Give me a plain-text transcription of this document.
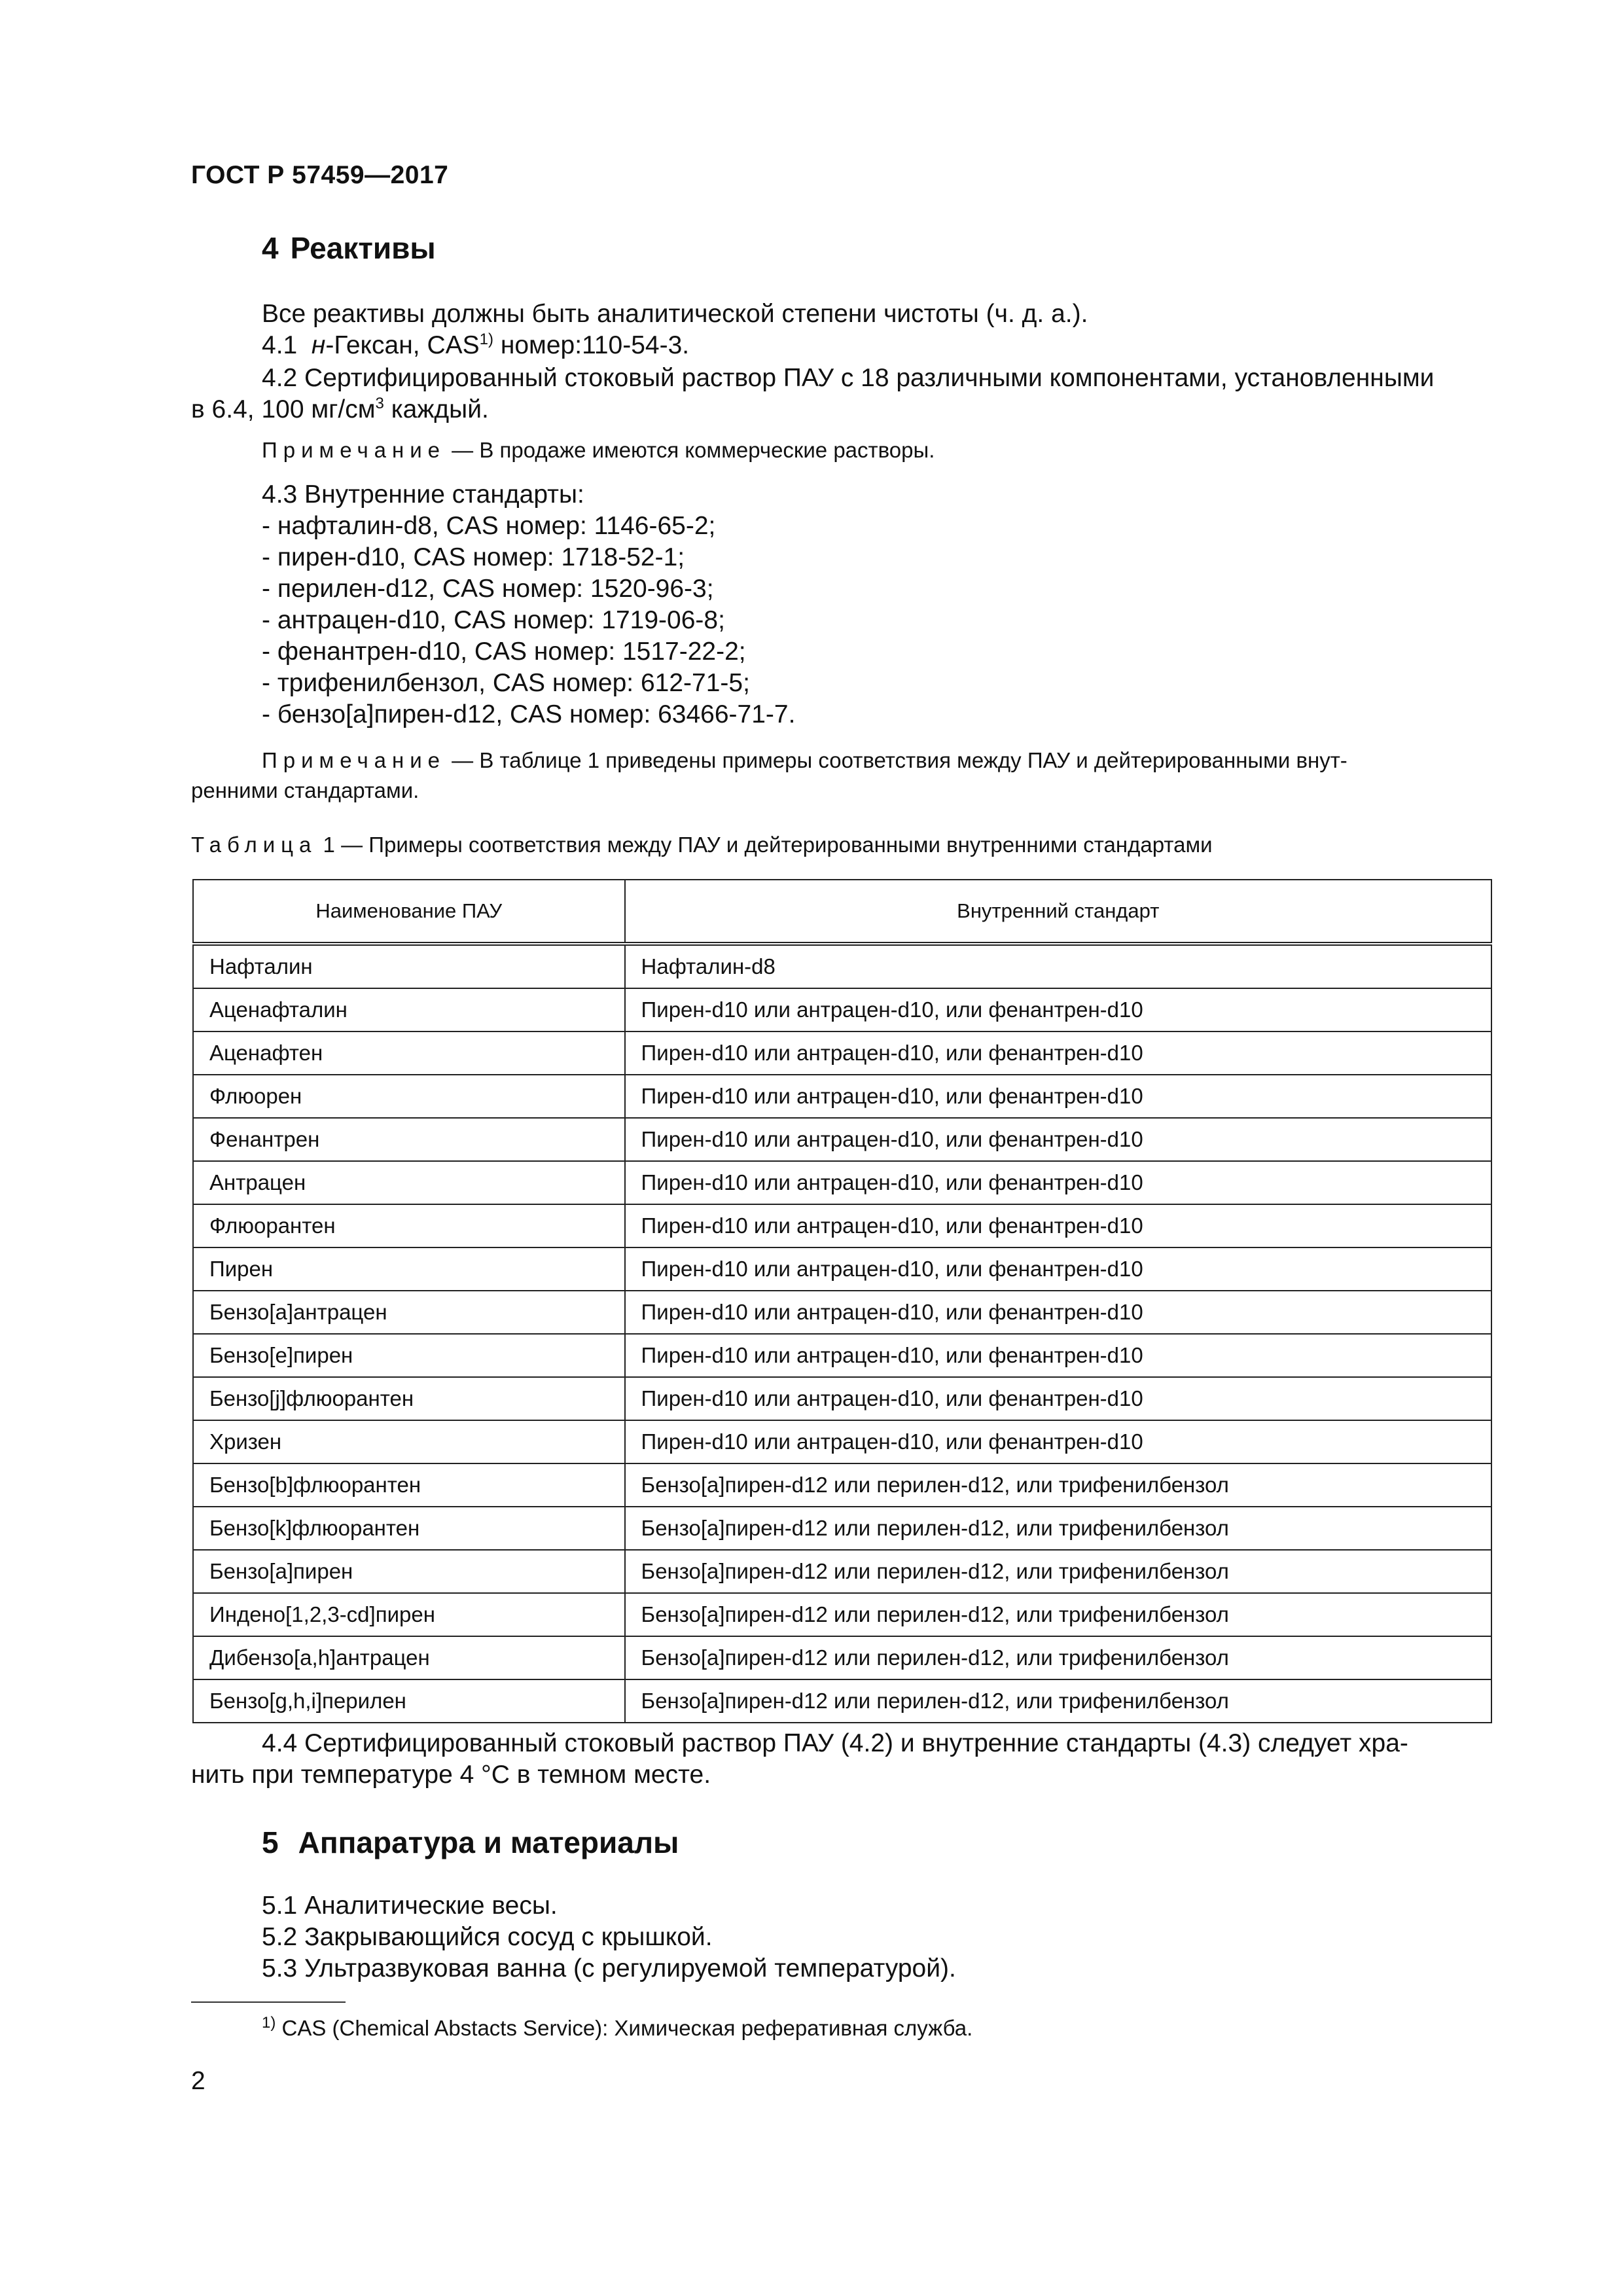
ГОСТ Р 57459—2017
4 Реактивы
Все реактивы должны быть аналитической степени чистоты (ч. д. а.).
4.1 н-Гексан, CAS$^{1)}$ номер:110-54-3.
4.2 Сертифицированный стоковый раствор ПАУ с 18 различными компонентами, установленными
в 6.4, 100 $мг/см^3$ каждый.
Примечание — В продаже имеются коммерческие растворы.
4.3 Внутренние стандарты:
- нафталин-d8, CAS номер: 1146-65-2;
- пирен-d10, CAS номер: 1718-52-1;
- перилен-d12, CAS номер: 1520-96-3;
- антрацен-d10, CAS номер: 1719-06-8;
- фенантрен-d10, CAS номер: 1517-22-2;
- трифенилбензол, CAS номер: 612-71-5;
- бензо[a]пирен-d12, CAS номер: 63466-71-7.
Примечание — В таблице 1 приведены примеры соответствия между ПАУ и дейтерированными внут-
ренними стандартами.
Таблица 1 — Примеры соответствия между ПАУ и дейтерированными внутренними стандартами
Наименование ПАУ	Внутренний стандарт
Нафталин	Нафталин-d8
Аценафталин	Пирен-d10 или антрацен-d10, или фенантрен-d10
Аценафтен	Пирен-d10 или антрацен-d10, или фенантрен-d10
Флюорен	Пирен-d10 или антрацен-d10, или фенантрен-d10
Фенантрен	Пирен-d10 или антрацен-d10, или фенантрен-d10
Антрацен	Пирен-d10 или антрацен-d10, или фенантрен-d10
Флюорантен	Пирен-d10 или антрацен-d10, или фенантрен-d10
Пирен	Пирен-d10 или антрацен-d10, или фенантрен-d10
Бензо[a]антрацен	Пирен-d10 или антрацен-d10, или фенантрен-d10
Бензо[e]пирен	Пирен-d10 или антрацен-d10, или фенантрен-d10
Бензо[j]флюорантен	Пирен-d10 или антрацен-d10, или фенантрен-d10
Хризен	Пирен-d10 или антрацен-d10, или фенантрен-d10
Бензо[b]флюорантен	Бензо[a]пирен-d12 или перилен-d12, или трифенилбензол
Бензо[k]флюорантен	Бензо[a]пирен-d12 или перилен-d12, или трифенилбензол
Бензо[a]пирен	Бензо[a]пирен-d12 или перилен-d12, или трифенилбензол
Индено[1,2,3-cd]пирен	Бензо[a]пирен-d12 или перилен-d12, или трифенилбензол
Дибензо[a,h]антрацен	Бензо[a]пирен-d12 или перилен-d12, или трифенилбензол
Бензо[g,h,i]перилен	Бензо[a]пирен-d12 или перилен-d12, или трифенилбензол
4.4 Сертифицированный стоковый раствор ПАУ (4.2) и внутренние стандарты (4.3) следует хра-
нить при температуре 4 °С в темном месте.
5 Аппаратура и материалы
5.1 Аналитические весы.
5.2 Закрывающийся сосуд с крышкой.
5.3 Ультразвуковая ванна (с регулируемой температурой).
$^{1)}$ CAS (Chemical Abstacts Service): Химическая реферативная служба.
2
